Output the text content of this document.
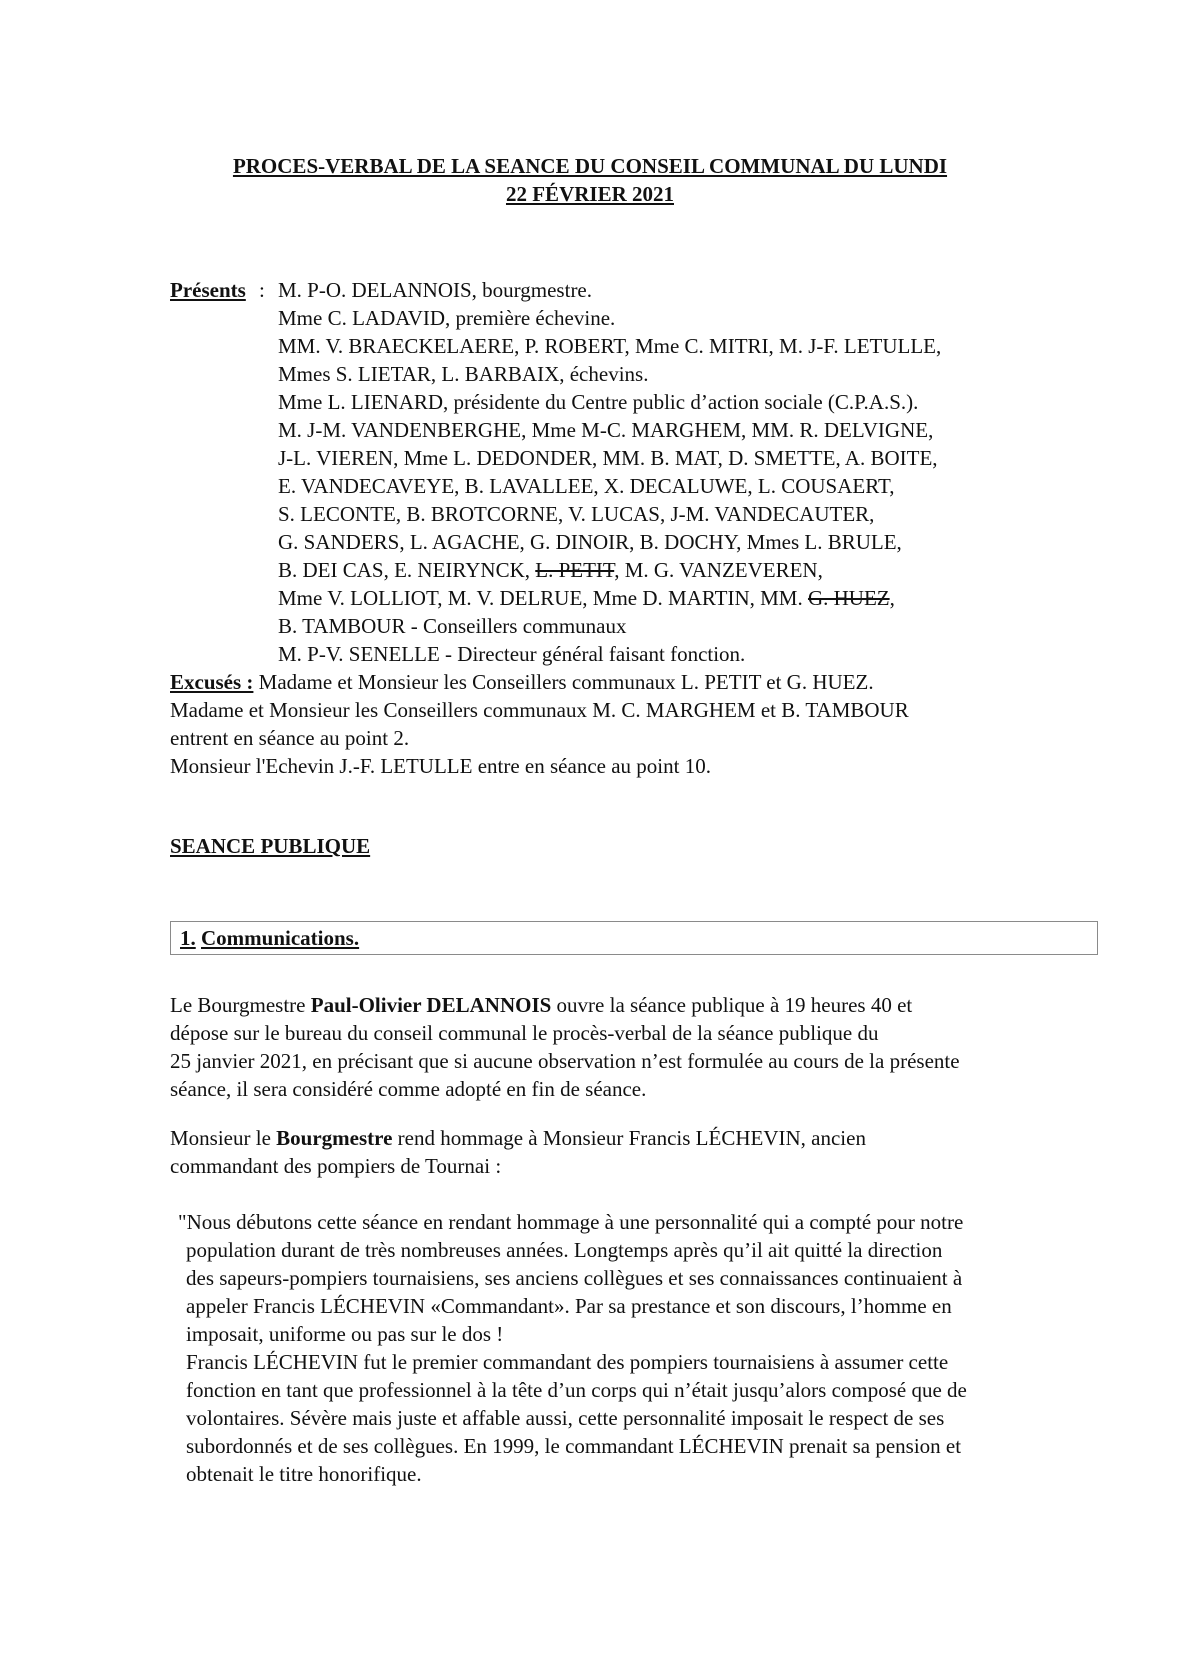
PROCES-VERBAL DE LA SEANCE DU CONSEIL COMMUNAL DU LUNDI
22 FÉVRIER 2021
Présents : M. P-O. DELANNOIS, bourgmestre.
Mme C. LADAVID, première échevine.
MM. V. BRAECKELAERE, P. ROBERT, Mme C. MITRI, M. J-F. LETULLE,
Mmes S. LIETAR, L. BARBAIX, échevins.
Mme L. LIENARD, présidente du Centre public d’action sociale (C.P.A.S.).
M. J-M. VANDENBERGHE, Mme M-C. MARGHEM, MM. R. DELVIGNE,
J-L. VIEREN, Mme L. DEDONDER, MM. B. MAT, D. SMETTE, A. BOITE,
E. VANDECAVEYE, B. LAVALLEE, X. DECALUWE, L. COUSAERT,
S. LECONTE, B. BROTCORNE, V. LUCAS, J-M. VANDECAUTER,
G. SANDERS, L. AGACHE, G. DINOIR, B. DOCHY, Mmes L. BRULE,
B. DEI CAS, E. NEIRYNCK, L. PETIT, M. G. VANZEVEREN,
Mme V. LOLLIOT, M. V. DELRUE, Mme D. MARTIN, MM. G. HUEZ,
B. TAMBOUR - Conseillers communaux
M. P-V. SENELLE - Directeur général faisant fonction.
Excusés : Madame et Monsieur les Conseillers communaux L. PETIT et G. HUEZ.
Madame et Monsieur les Conseillers communaux M. C. MARGHEM et B. TAMBOUR
entrent en séance au point 2.
Monsieur l'Echevin J.-F. LETULLE entre en séance au point 10.
SEANCE PUBLIQUE
1. Communications.
Le Bourgmestre Paul-Olivier DELANNOIS ouvre la séance publique à 19 heures 40 et
dépose sur le bureau du conseil communal le procès-verbal de la séance publique du
25 janvier 2021, en précisant que si aucune observation n’est formulée au cours de la présente
séance, il sera considéré comme adopté en fin de séance.
Monsieur le Bourgmestre rend hommage à Monsieur Francis LÉCHEVIN, ancien
commandant des pompiers de Tournai :
"Nous débutons cette séance en rendant hommage à une personnalité qui a compté pour notre
population durant de très nombreuses années. Longtemps après qu’il ait quitté la direction
des sapeurs-pompiers tournaisiens, ses anciens collègues et ses connaissances continuaient à
appeler Francis LÉCHEVIN «Commandant». Par sa prestance et son discours, l’homme en
imposait, uniforme ou pas sur le dos !
Francis LÉCHEVIN fut le premier commandant des pompiers tournaisiens à assumer cette
fonction en tant que professionnel à la tête d’un corps qui n’était jusqu’alors composé que de
volontaires. Sévère mais juste et affable aussi, cette personnalité imposait le respect de ses
subordonnés et de ses collègues. En 1999, le commandant LÉCHEVIN prenait sa pension et
obtenait le titre honorifique.
